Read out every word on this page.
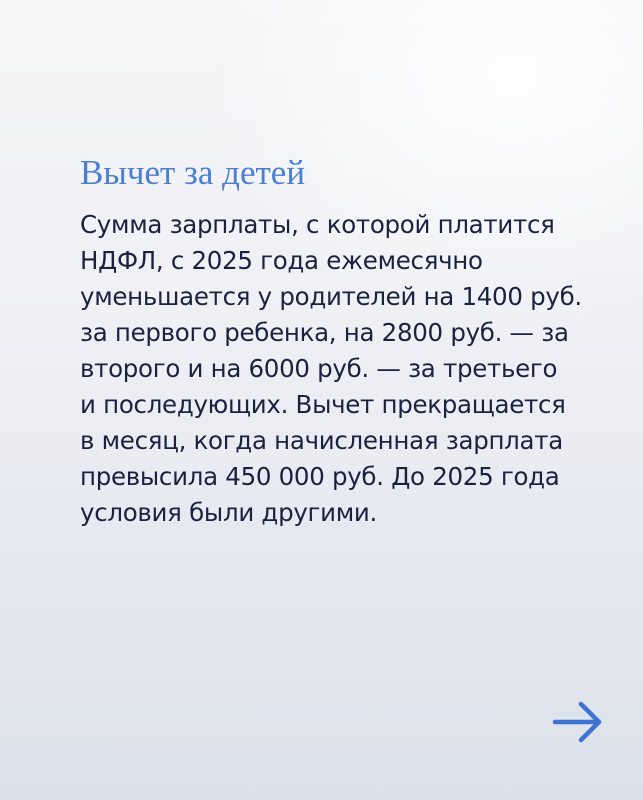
Вычет за детей

Сумма зарплаты, с которой платится
НДФЛ, с 2025 года ежемесячно
уменьшается у родителей на 1400 руб.
за первого ребенка, на 2800 руб. — за
второго и на 6000 руб. — за третьего
и последующих. Вычет прекращается
в месяц, когда начисленная зарплата
превысила 450 000 руб. До 2025 года
условия были другими.
